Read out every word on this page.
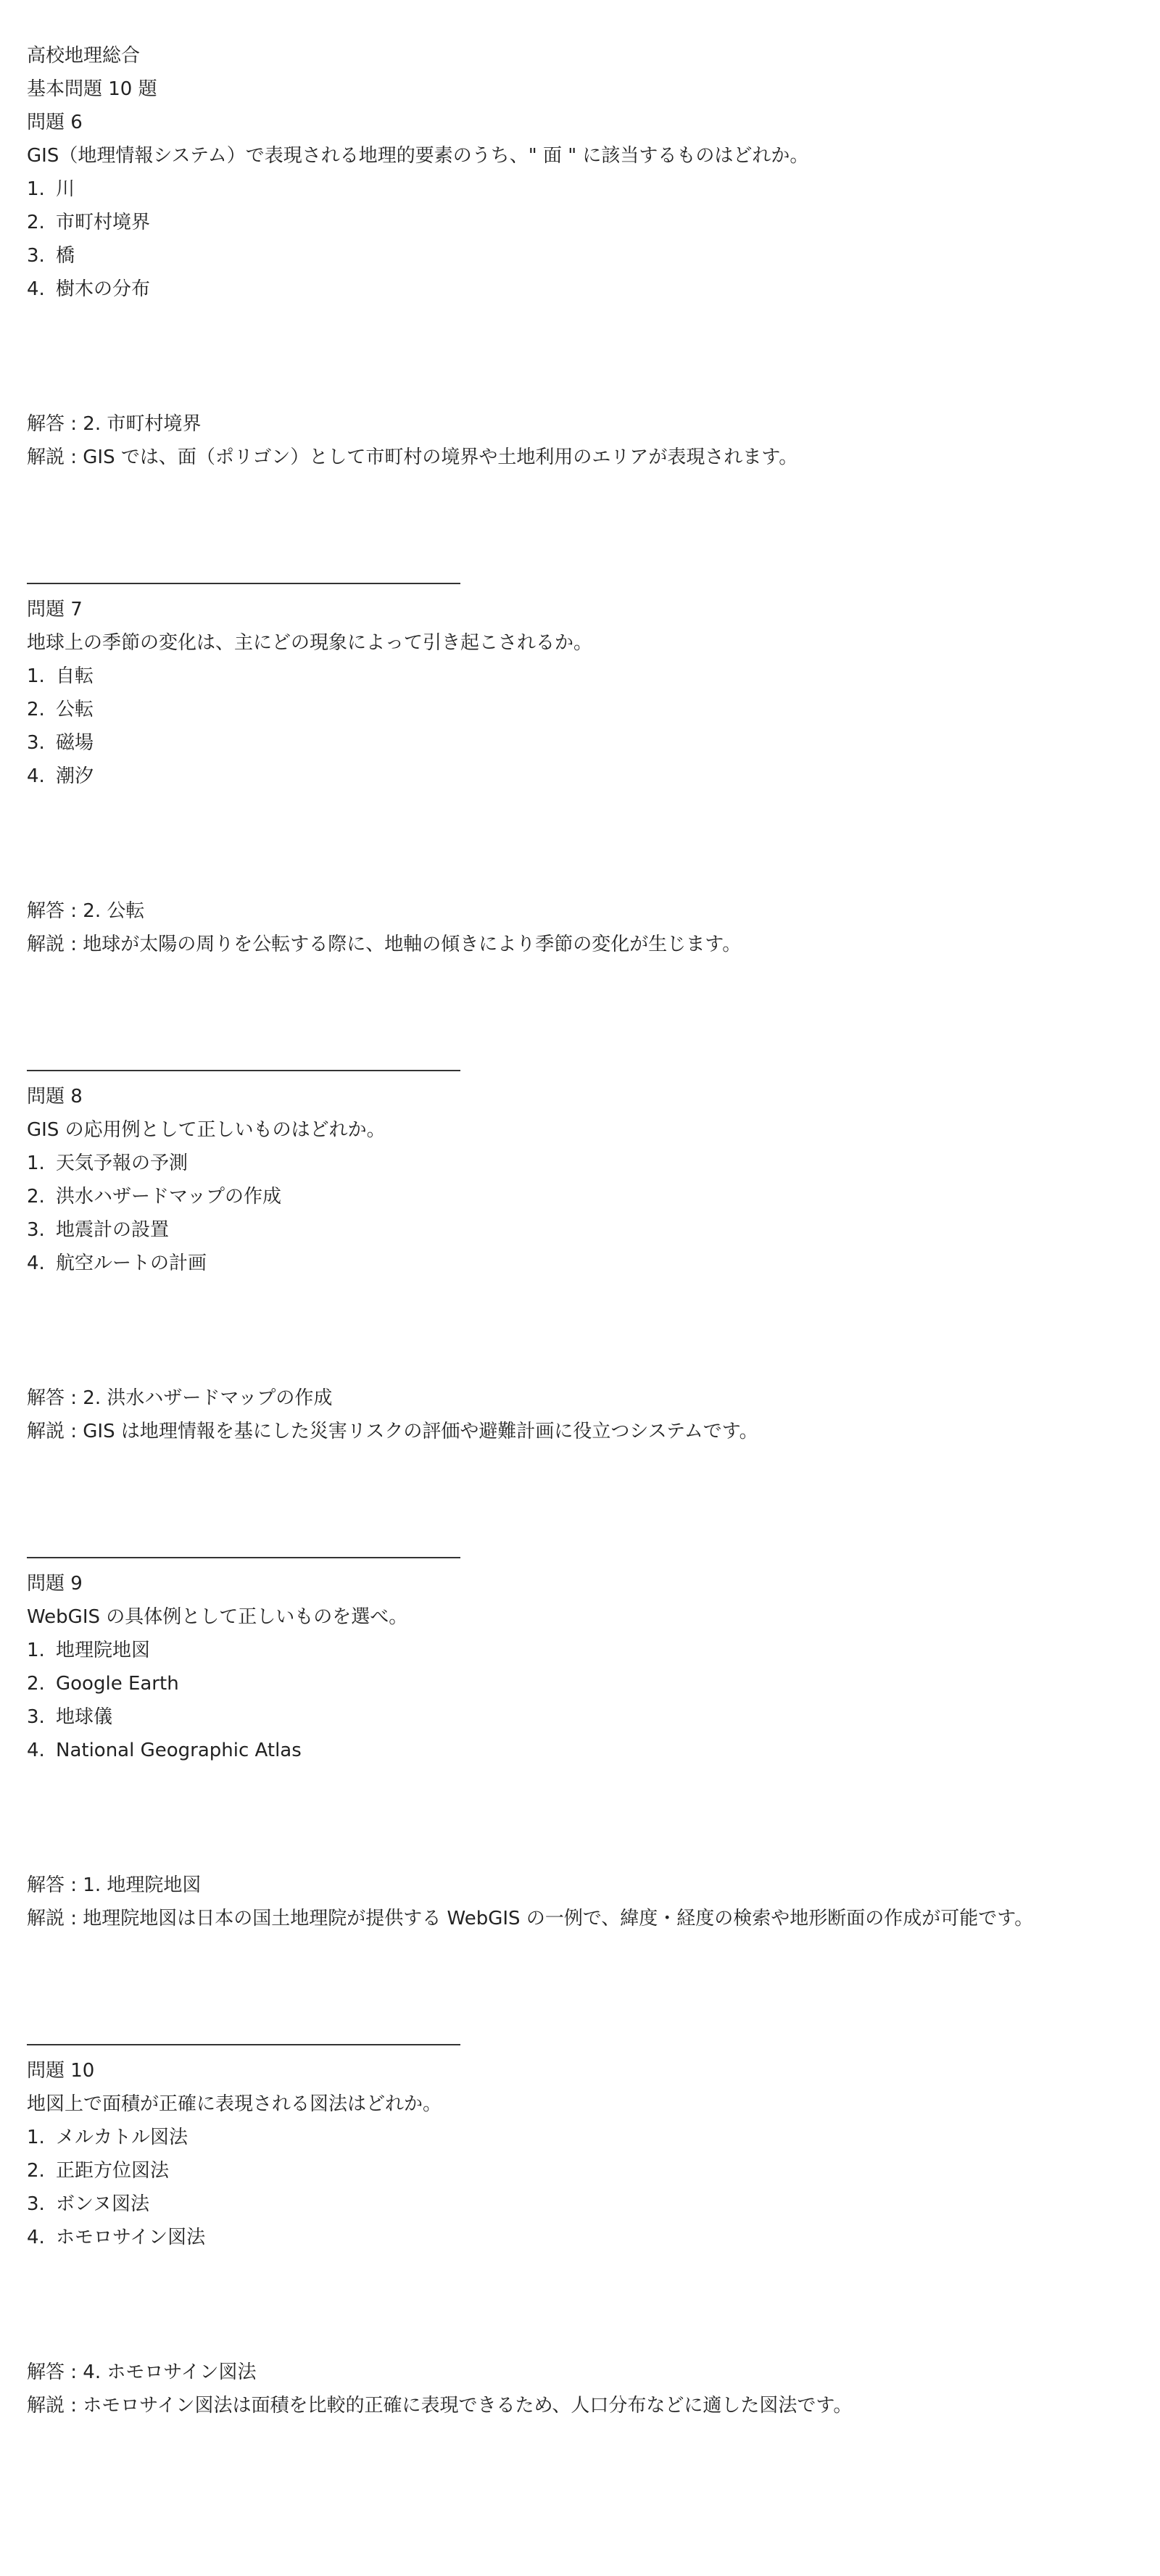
高校地理総合
基本問題 10 題
問題 6
GIS（地理情報システム）で表現される地理的要素のうち、" 面 " に該当するものはどれか。
1. 川
2. 市町村境界
3. 橋
4. 樹木の分布
解答 : 2. 市町村境界
解説 : GIS では、面（ポリゴン）として市町村の境界や土地利用のエリアが表現されます。
問題 7
地球上の季節の変化は、主にどの現象によって引き起こされるか。
1. 自転
2. 公転
3. 磁場
4. 潮汐
解答 : 2. 公転
解説 : 地球が太陽の周りを公転する際に、地軸の傾きにより季節の変化が生じます。
問題 8
GIS の応用例として正しいものはどれか。
1. 天気予報の予測
2. 洪水ハザードマップの作成
3. 地震計の設置
4. 航空ルートの計画
解答 : 2. 洪水ハザードマップの作成
解説 : GIS は地理情報を基にした災害リスクの評価や避難計画に役立つシステムです。
問題 9
WebGIS の具体例として正しいものを選べ。
1. 地理院地図
2. Google Earth
3. 地球儀
4. National Geographic Atlas
解答 : 1. 地理院地図
解説 : 地理院地図は日本の国土地理院が提供する WebGIS の一例で、緯度・経度の検索や地形断面の作成が可能です。
問題 10
地図上で面積が正確に表現される図法はどれか。
1. メルカトル図法
2. 正距方位図法
3. ボンヌ図法
4. ホモロサイン図法
解答 : 4. ホモロサイン図法
解説 : ホモロサイン図法は面積を比較的正確に表現できるため、人口分布などに適した図法です。
